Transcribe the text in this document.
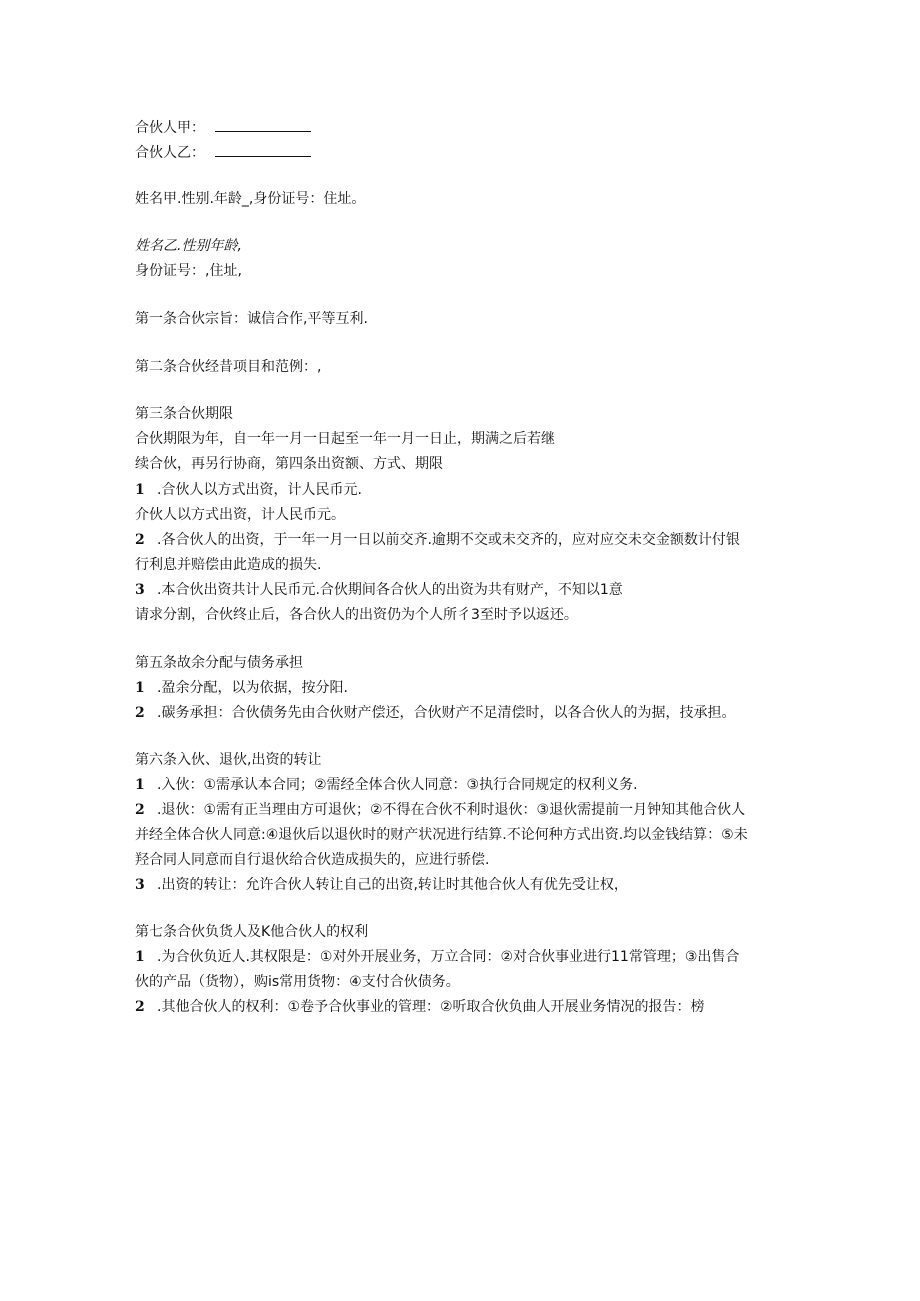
合伙人甲：
合伙人乙：
姓名甲.性别.年龄_,身份证号：住址。
姓名乙.性别年龄,
身份证号：,住址,
第一条合伙宗旨：诚信合作,平等互利.
第二条合伙经昔项目和范例：,
第三条合伙期限
合伙期限为年，自一年一月一日起至一年一月一日止，期满之后若继
续合伙，再另行协商，第四条出资额、方式、期限
1 .合伙人以方式出资，计人民币元.
介伙人以方式出资，计人民币元。
2 .各合伙人的出资，于一年一月一日以前交齐.逾期不交或未交齐的，应对应交未交金额数计付银
行利息并赔偿由此造成的损失.
3 .本合伙出资共计人民币元.合伙期间各合伙人的出资为共有财产，不知以1意
请求分割，合伙终止后，各合伙人的出资仍为个人所彳3至时予以返还。
第五条故余分配与债务承担
1 .盈余分配，以为依据，按分阳.
2 .碳务承担：合伙债务先由合伙财产偿还，合伙财产不足清偿时，以各合伙人的为据，技承担。
第六条入伙、退伙,出资的转让
1 .入伙：①需承认本合同；②需经全体合伙人同意：③执行合同规定的权利义务.
2 .退伙：①需有正当理由方可退伙；②不得在合伙不利时退伙：③退伙需提前一月钟知其他合伙人
并经全体合伙人同意:④退伙后以退伙时的财产状况进行结算.不论何种方式出资.均以金钱结算：⑤未
羟合同人同意而自行退伙给合伙造成损失的，应进行骄偿.
3 .出资的转让：允许合伙人转让自己的出资,转让时其他合伙人有优先受让权，
第七条合伙负货人及K他合伙人的权利
1 .为合伙负近人.其权限是：①对外开展业务，万立合同：②对合伙事业进行11常管理；③出售合
伙的产品（货物），购is常用货物：④支付合伙债务。
2 .其他合伙人的权利：①卷予合伙事业的管理：②听取合伙负曲人开展业务情况的报告：榜
